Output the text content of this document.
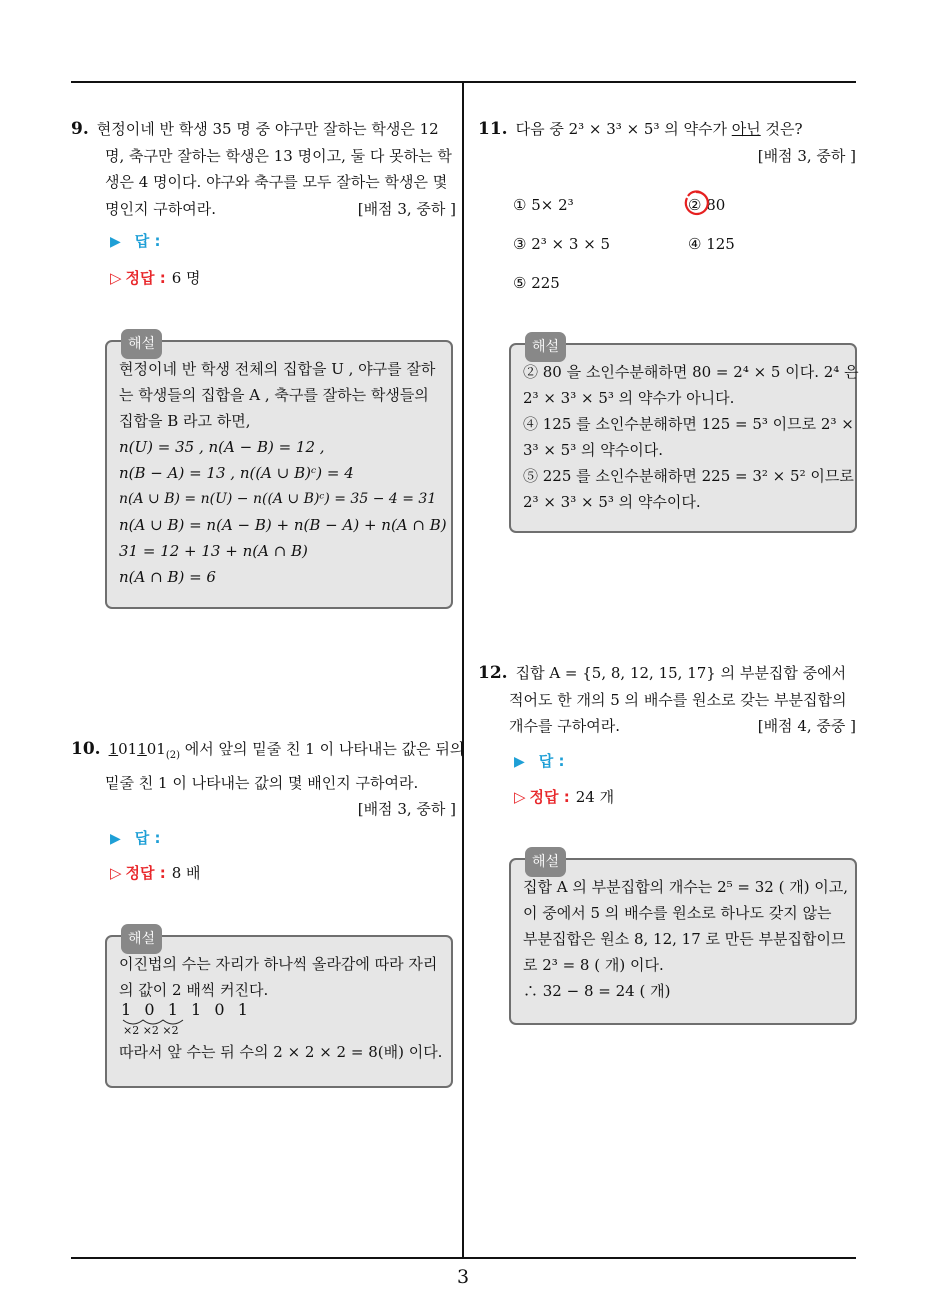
9. 현정이네 반 학생 35 명 중 야구만 잘하는 학생은 12
명, 축구만 잘하는 학생은 13 명이고, 둘 다 못하는 학
생은 4 명이다. 야구와 축구를 모두 잘하는 학생은 몇
명인지 구하여라.	[배점 3, 중하 ]
▶ 답 :
▷ 정답 : 6 명
해설
현정이네 반 학생 전체의 집합을 U , 야구를 잘하
는 학생들의 집합을 A , 축구를 잘하는 학생들의
집합을 B 라고 하면,
n(U) = 35 , n(A − B) = 12 ,
n(B − A) = 13 , n((A ∪ B)ᶜ) = 4
n(A ∪ B) = n(U) − n((A ∪ B)ᶜ) = 35 − 4 = 31
n(A ∪ B) = n(A − B) + n(B − A) + n(A ∩ B)
31 = 12 + 13 + n(A ∩ B)
n(A ∩ B) = 6
10. $101101_{(2)}$ 에서 앞의 밑줄 친 1 이 나타내는 값은 뒤의
밑줄 친 1 이 나타내는 값의 몇 배인지 구하여라.
[배점 3, 중하 ]
▶ 답 :
▷ 정답 : 8 배
해설
이진법의 수는 자리가 하나씩 올라감에 따라 자리
의 값이 2 배씩 커진다.
1  0  1  1  0  1
×2 ×2 ×2
따라서 앞 수는 뒤 수의 2 × 2 × 2 = 8(배) 이다.
11. 다음 중 2³ × 3³ × 5³ 의 약수가 아닌 것은?
[배점 3, 중하 ]
① 5× 2³	② 80
③ 2³ × 3 × 5	④ 125
⑤ 225
해설
② 80 을 소인수분해하면 80 = 2⁴ × 5 이다. 2⁴ 은
2³ × 3³ × 5³ 의 약수가 아니다.
④ 125 를 소인수분해하면 125 = 5³ 이므로 2³ ×
3³ × 5³ 의 약수이다.
⑤ 225 를 소인수분해하면 225 = 3² × 5² 이므로
2³ × 3³ × 5³ 의 약수이다.
12. 집합 A = {5, 8, 12, 15, 17} 의 부분집합 중에서
적어도 한 개의 5 의 배수를 원소로 갖는 부분집합의
개수를 구하여라.	[배점 4, 중중 ]
▶ 답 :
▷ 정답 : 24 개
해설
집합 A 의 부분집합의 개수는 2⁵ = 32 ( 개) 이고,
이 중에서 5 의 배수를 원소로 하나도 갖지 않는
부분집합은 원소 8, 12, 17 로 만든 부분집합이므
로 2³ = 8 ( 개) 이다.
∴ 32 − 8 = 24 ( 개)
3
